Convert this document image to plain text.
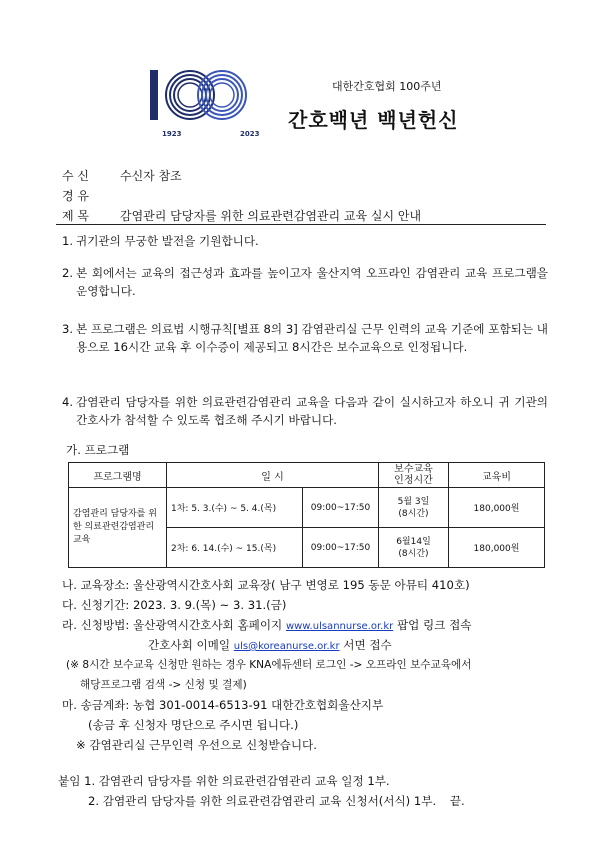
1923	2023
대한간호협회 100주년
간호백년 백년헌신
수 신	수신자 참조
경 유
제 목	감염관리 담당자를 위한 의료관련감염관리 교육 실시 안내
1. 귀기관의 무궁한 발전을 기원합니다.
2. 본 회에서는 교육의 접근성과 효과를 높이고자 울산지역 오프라인 감염관리 교육 프로그램을 운영합니다.
3. 본 프로그램은 의료법 시행규칙[별표 8의 3] 감염관리실 근무 인력의 교육 기준에 포함되는 내용으로 16시간 교육 후 이수증이 제공되고 8시간은 보수교육으로 인정됩니다.
4. 감염관리 담당자를 위한 의료관련감염관리 교육을 다음과 같이 실시하고자 하오니 귀 기관의 간호사가 참석할 수 있도록 협조해 주시기 바랍니다.
가. 프로그램
프로그램명	일 시		보수교육
인정시간	교육비
감염관리 담당자를 위한 의료관련감염관리 교육	1차: 5. 3.(수) ~ 5. 4.(목)	09:00~17:50	5월 3일
(8시간)	180,000원
	2차: 6. 14.(수) ~ 15.(목)	09:00~17:50	6월14일
(8시간)	180,000원
나. 교육장소: 울산광역시간호사회 교육장( 남구 변영로 195 동문 아뮤티 410호)
다. 신청기간: 2023. 3. 9.(목) ~ 3. 31.(금)
라. 신청방법: 울산광역시간호사회 홈페이지 www.ulsannurse.or.kr 팝업 링크 접속
간호사회 이메일 uls@koreanurse.or.kr 서면 접수
(※ 8시간 보수교육 신청만 원하는 경우 KNA에듀센터 로그인 -> 오프라인 보수교육에서
해당프로그램 검색 -> 신청 및 결제)
마. 송금계좌: 농협 301-0014-6513-91 대한간호협회울산지부
(송금 후 신청자 명단으로 주시면 됩니다.)
※ 감염관리실 근무인력 우선으로 신청받습니다.
붙임 1. 감염관리 담당자를 위한 의료관련감염관리 교육 일정 1부.
2. 감염관리 담당자를 위한 의료관련감염관리 교육 신청서(서식) 1부. 끝.
